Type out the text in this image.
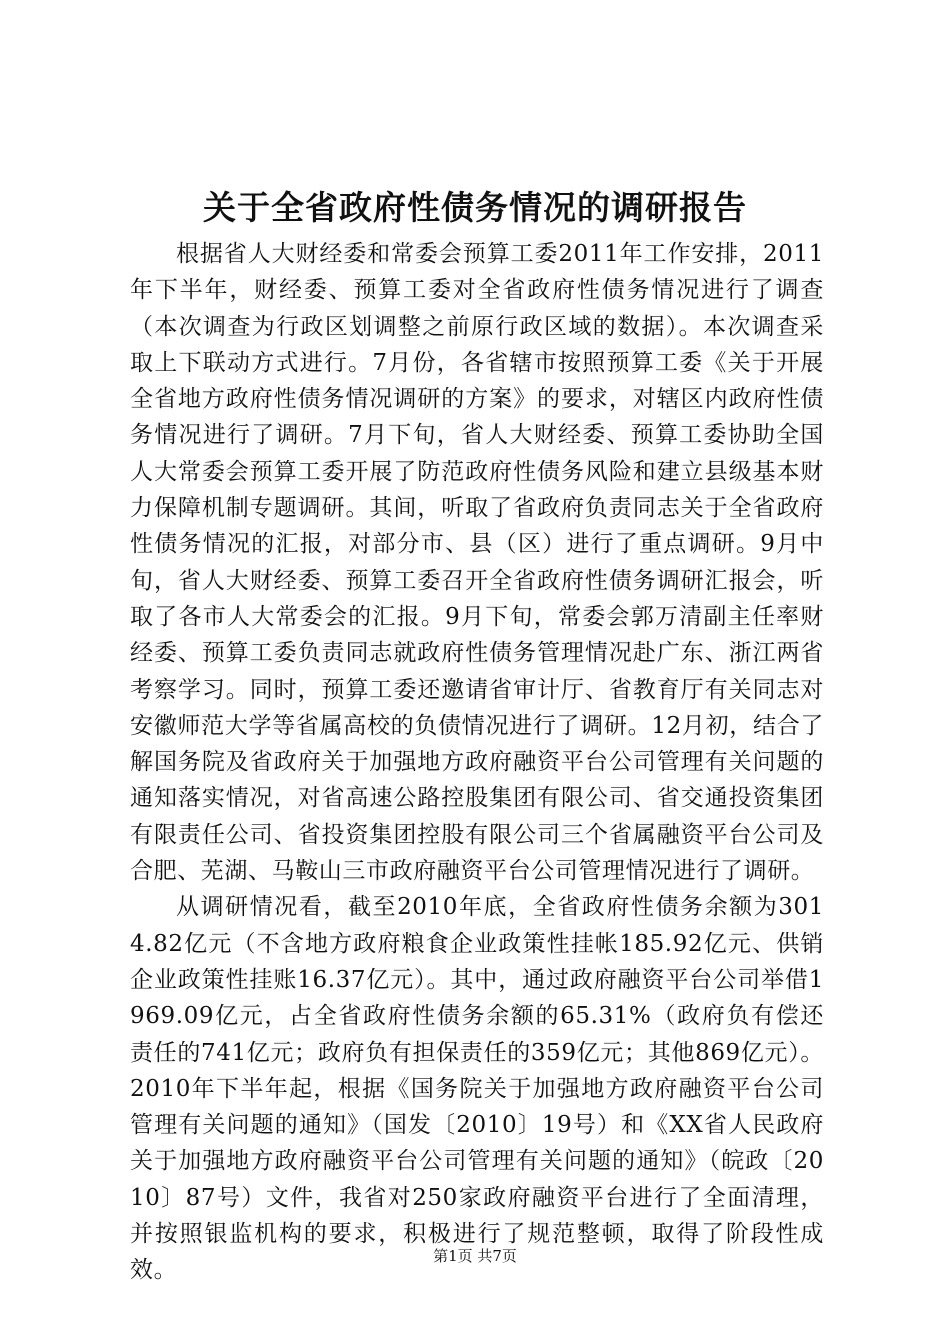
关于全省政府性债务情况的调研报告

根据省人大财经委和常委会预算工委2011年工作安排，2011年下半年，财经委、预算工委对全省政府性债务情况进行了调查（本次调查为行政区划调整之前原行政区域的数据）。本次调查采取上下联动方式进行。7月份，各省辖市按照预算工委《关于开展全省地方政府性债务情况调研的方案》的要求，对辖区内政府性债务情况进行了调研。7月下旬，省人大财经委、预算工委协助全国人大常委会预算工委开展了防范政府性债务风险和建立县级基本财力保障机制专题调研。其间，听取了省政府负责同志关于全省政府性债务情况的汇报，对部分市、县（区）进行了重点调研。9月中旬，省人大财经委、预算工委召开全省政府性债务调研汇报会，听取了各市人大常委会的汇报。9月下旬，常委会郭万清副主任率财经委、预算工委负责同志就政府性债务管理情况赴广东、浙江两省考察学习。同时，预算工委还邀请省审计厅、省教育厅有关同志对安徽师范大学等省属高校的负债情况进行了调研。12月初，结合了解国务院及省政府关于加强地方政府融资平台公司管理有关问题的通知落实情况，对省高速公路控股集团有限公司、省交通投资集团有限责任公司、省投资集团控股有限公司三个省属融资平台公司及合肥、芜湖、马鞍山三市政府融资平台公司管理情况进行了调研。

从调研情况看，截至2010年底，全省政府性债务余额为3014.82亿元（不含地方政府粮食企业政策性挂帐185.92亿元、供销企业政策性挂账16.37亿元）。其中，通过政府融资平台公司举借1969.09亿元，占全省政府性债务余额的65.31%（政府负有偿还责任的741亿元；政府负有担保责任的359亿元；其他869亿元）。2010年下半年起，根据《国务院关于加强地方政府融资平台公司管理有关问题的通知》（国发〔2010〕19号）和《XX省人民政府关于加强地方政府融资平台公司管理有关问题的通知》（皖政〔2010〕87号）文件，我省对250家政府融资平台进行了全面清理，并按照银监机构的要求，积极进行了规范整顿，取得了阶段性成效。

第1页 共7页
